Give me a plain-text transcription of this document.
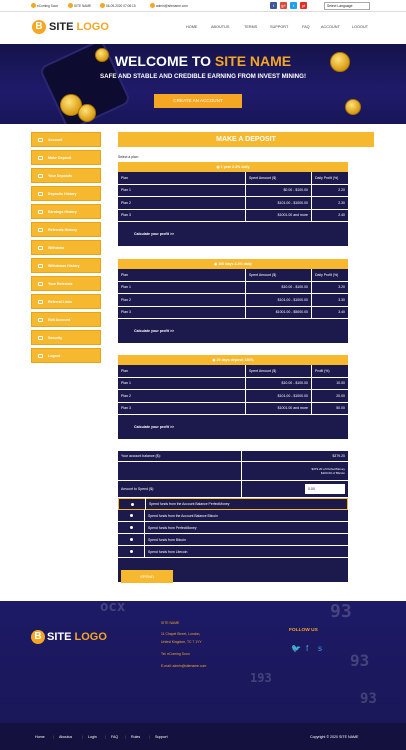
eComing Soon	SITE NAME	06-09-2020 07:06:15	admin@sitename.com	f	g+	t	yt	Select Language
B SITE LOGO	HOME	ABOUTUS	TERMS	SUPPORT	FAQ	ACCOUNT	LOGOUT
WELCOME TO SITE NAME
SAFE AND STABLE AND CREDIBLE EARNING FROM INVEST MINING!
CREATE AN ACCOUNT
Account
Make Deposit
Your Deposits
Deposits History
Earnings History
Referrals History
Withdraw
Withdraws History
Your Referrals
Referral Links
Edit Account
Security
Logout
MAKE A DEPOSIT
Select a plan:
◉ 1 year 2.4% daily
Plan	Spent Amount ($)	Daily Profit (%)
Plan 1	$0.00 - $100.00	2.20
Plan 2	$101.00 - $1000.00	2.30
Plan 3	$1001.00 and more	2.40
Calculate your profit >>
◉ 100 days 3.4% daily
Plan	Spent Amount ($)	Daily Profit (%)
Plan 1	$10.00 - $100.00	3.20
Plan 2	$101.00 - $1000.00	3.30
Plan 3	$1001.00 - $5000.00	3.40
Calculate your profit >>
◉ 20 days deposit 150%
Plan	Spent Amount ($)	Profit (%)
Plan 1	$10.00 - $100.00	10.00
Plan 2	$101.00 - $1000.00	20.00
Plan 3	$1001.00 and more	50.00
Calculate your profit >>
Your account balance ($):	$379.20
$379.20 of PerfectMoney
$100.00 of Bitcoin
Amount to Spend ($):	0.00
Spend funds from the Account Balance PerfectMoney
Spend funds from the Account Balance Bitcoin
Spend funds from PerfectMoney
Spend funds from Bitcoin
Spend funds from Litecoin
SPEND
93
ocx
93
193
93
B SITE LOGO
SITE NAME
11 Chapel Street, London,
United Kingdom, TC 7 1YY
Tel: eComing Soon
E-mail: admin@sitename.com
FOLLOW US
🐦 f s
Home | Aboutus	| Login | FAQ | Rules | Support	Copyright © 2020 SITE NAME
